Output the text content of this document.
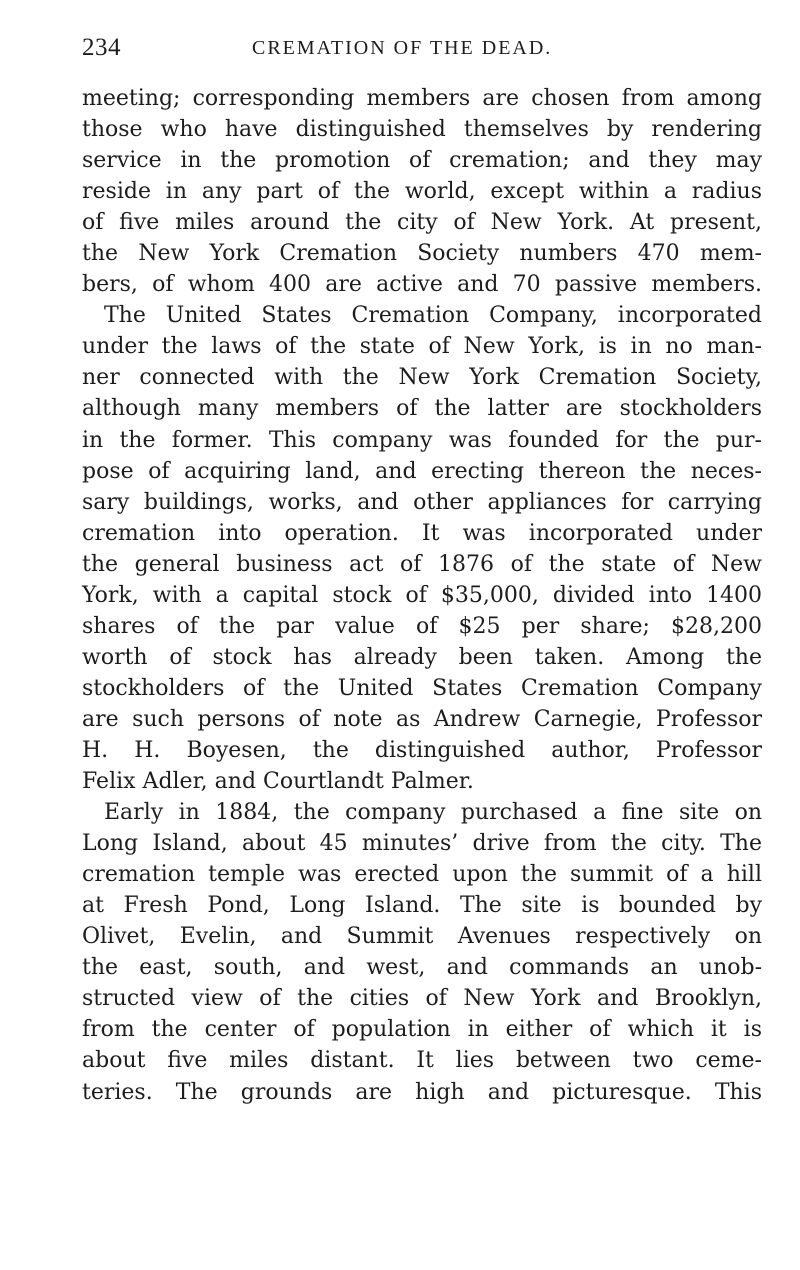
234	CREMATION OF THE DEAD.
meeting; corresponding members are chosen from among
those who have distinguished themselves by rendering
service in the promotion of cremation; and they may
reside in any part of the world, except within a radius
of five miles around the city of New York. At present,
the New York Cremation Society numbers 470 mem-
bers, of whom 400 are active and 70 passive members.
The United States Cremation Company, incorporated
under the laws of the state of New York, is in no man-
ner connected with the New York Cremation Society,
although many members of the latter are stockholders
in the former. This company was founded for the pur-
pose of acquiring land, and erecting thereon the neces-
sary buildings, works, and other appliances for carrying
cremation into operation. It was incorporated under
the general business act of 1876 of the state of New
York, with a capital stock of $35,000, divided into 1400
shares of the par value of $25 per share; $28,200
worth of stock has already been taken. Among the
stockholders of the United States Cremation Company
are such persons of note as Andrew Carnegie, Professor
H. H. Boyesen, the distinguished author, Professor
Felix Adler, and Courtlandt Palmer.
Early in 1884, the company purchased a fine site on
Long Island, about 45 minutes’ drive from the city. The
cremation temple was erected upon the summit of a hill
at Fresh Pond, Long Island. The site is bounded by
Olivet, Evelin, and Summit Avenues respectively on
the east, south, and west, and commands an unob-
structed view of the cities of New York and Brooklyn,
from the center of population in either of which it is
about five miles distant. It lies between two ceme-
teries. The grounds are high and picturesque. This
